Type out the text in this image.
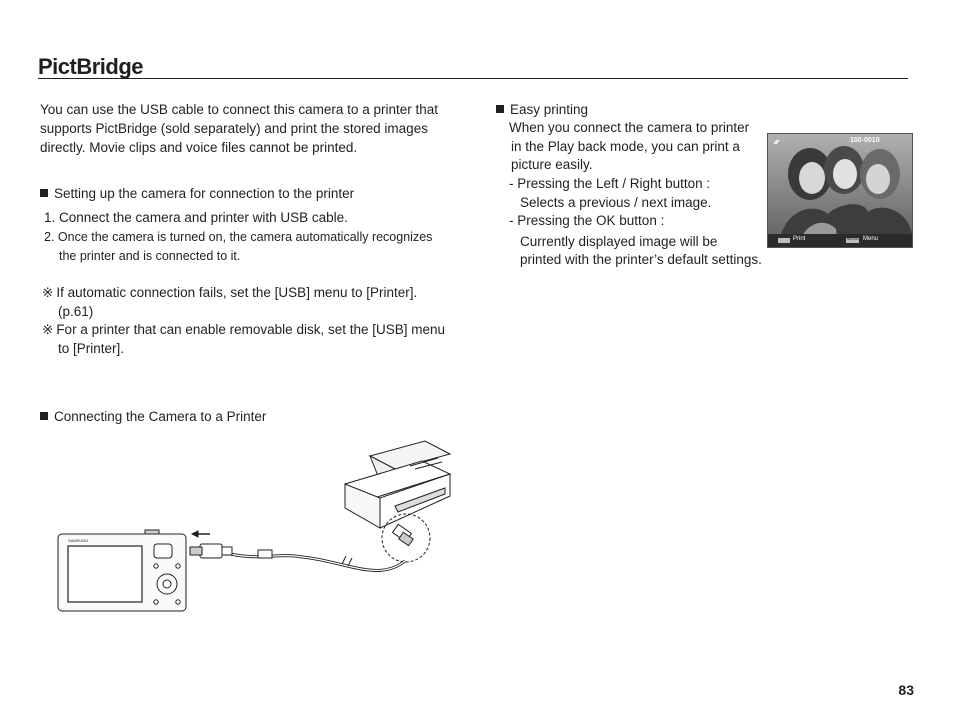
PictBridge
You can use the USB cable to connect this camera to a printer that
supports PictBridge (sold separately) and print the stored images
directly. Movie clips and voice files cannot be printed.
Setting up the camera for connection to the printer
1. Connect the camera and printer with USB cable.
2. Once the camera is turned on, the camera automatically recognizes
the printer and is connected to it.
※ If automatic connection fails, set the [USB] menu to [Printer].
(p.61)
※ For a printer that can enable removable disk, set the [USB] menu
to [Printer].
Connecting the Camera to a Printer
SAMSUNG
Easy printing
When you connect the camera to printer
in the Play back mode, you can print a
picture easily.
- Pressing the Left / Right button :
Selects a previous / next image.
- Pressing the OK button :
Currently displayed image will be
printed with the printer’s default settings.
100-0010
MENU
Print	Menu
83
